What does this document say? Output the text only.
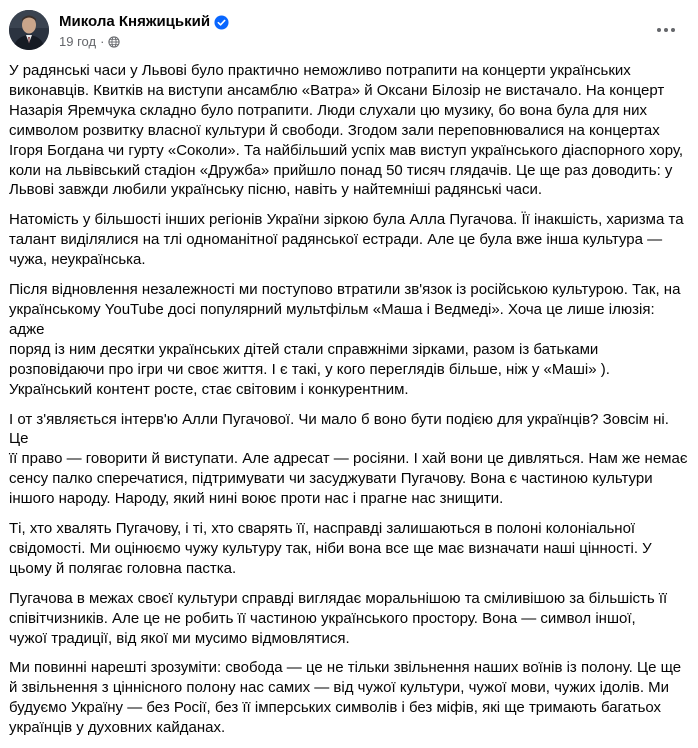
Микола Княжицький
19 год ·

У радянські часи у Львові було практично неможливо потрапити на концерти українських
виконавців. Квитків на виступи ансамблю «Ватра» й Оксани Білозір не вистачало. На концерт
Назарія Яремчука складно було потрапити. Люди слухали цю музику, бо вона була для них
символом розвитку власної культури й свободи. Згодом зали переповнювалися на концертах
Ігоря Богдана чи гурту «Соколи». Та найбільший успіх мав виступ українського діаспорного хору,
коли на львівський стадіон «Дружба» прийшло понад 50 тисяч глядачів. Це ще раз доводить: у
Львові завжди любили українську пісню, навіть у найтемніші радянські часи.

Натомість у більшості інших регіонів України зіркою була Алла Пугачова. Її інакшість, харизма та
талант виділялися на тлі одноманітної радянської естради. Але це була вже інша культура —
чужа, неукраїнська.

Після відновлення незалежності ми поступово втратили зв'язок із російською культурою. Так, на
українському YouTube досі популярний мультфільм «Маша і Ведмеді». Хоча це лише ілюзія: адже
поряд із ним десятки українських дітей стали справжніми зірками, разом із батьками
розповідаючи про ігри чи своє життя. І є такі, у кого переглядів більше, ніж у «Маші» ).
Український контент росте, стає світовим і конкурентним.

І от з'являється інтерв'ю Алли Пугачової. Чи мало б воно бути подією для українців? Зовсім ні. Це
її право — говорити й виступати. Але адресат — росіяни. І хай вони це дивляться. Нам же немає
сенсу палко сперечатися, підтримувати чи засуджувати Пугачову. Вона є частиною культури
іншого народу. Народу, який нині воює проти нас і прагне нас знищити.

Ті, хто хвалять Пугачову, і ті, хто сварять її, насправді залишаються в полоні колоніальної
свідомості. Ми оцінюємо чужу культуру так, ніби вона все ще має визначати наші цінності. У
цьому й полягає головна пастка.

Пугачова в межах своєї культури справді виглядає моральнішою та сміливішою за більшість її
співітчизників. Але це не робить її частиною українського простору. Вона — символ іншої,
чужої традиції, від якої ми мусимо відмовлятися.

Ми повинні нарешті зрозуміти: свобода — це не тільки звільнення наших воїнів із полону. Це ще
й звільнення з ціннісного полону нас самих — від чужої культури, чужої мови, чужих ідолів. Ми
будуємо Україну — без Росії, без її імперських символів і без міфів, які ще тримають багатьох
українців у духовних кайданах.
